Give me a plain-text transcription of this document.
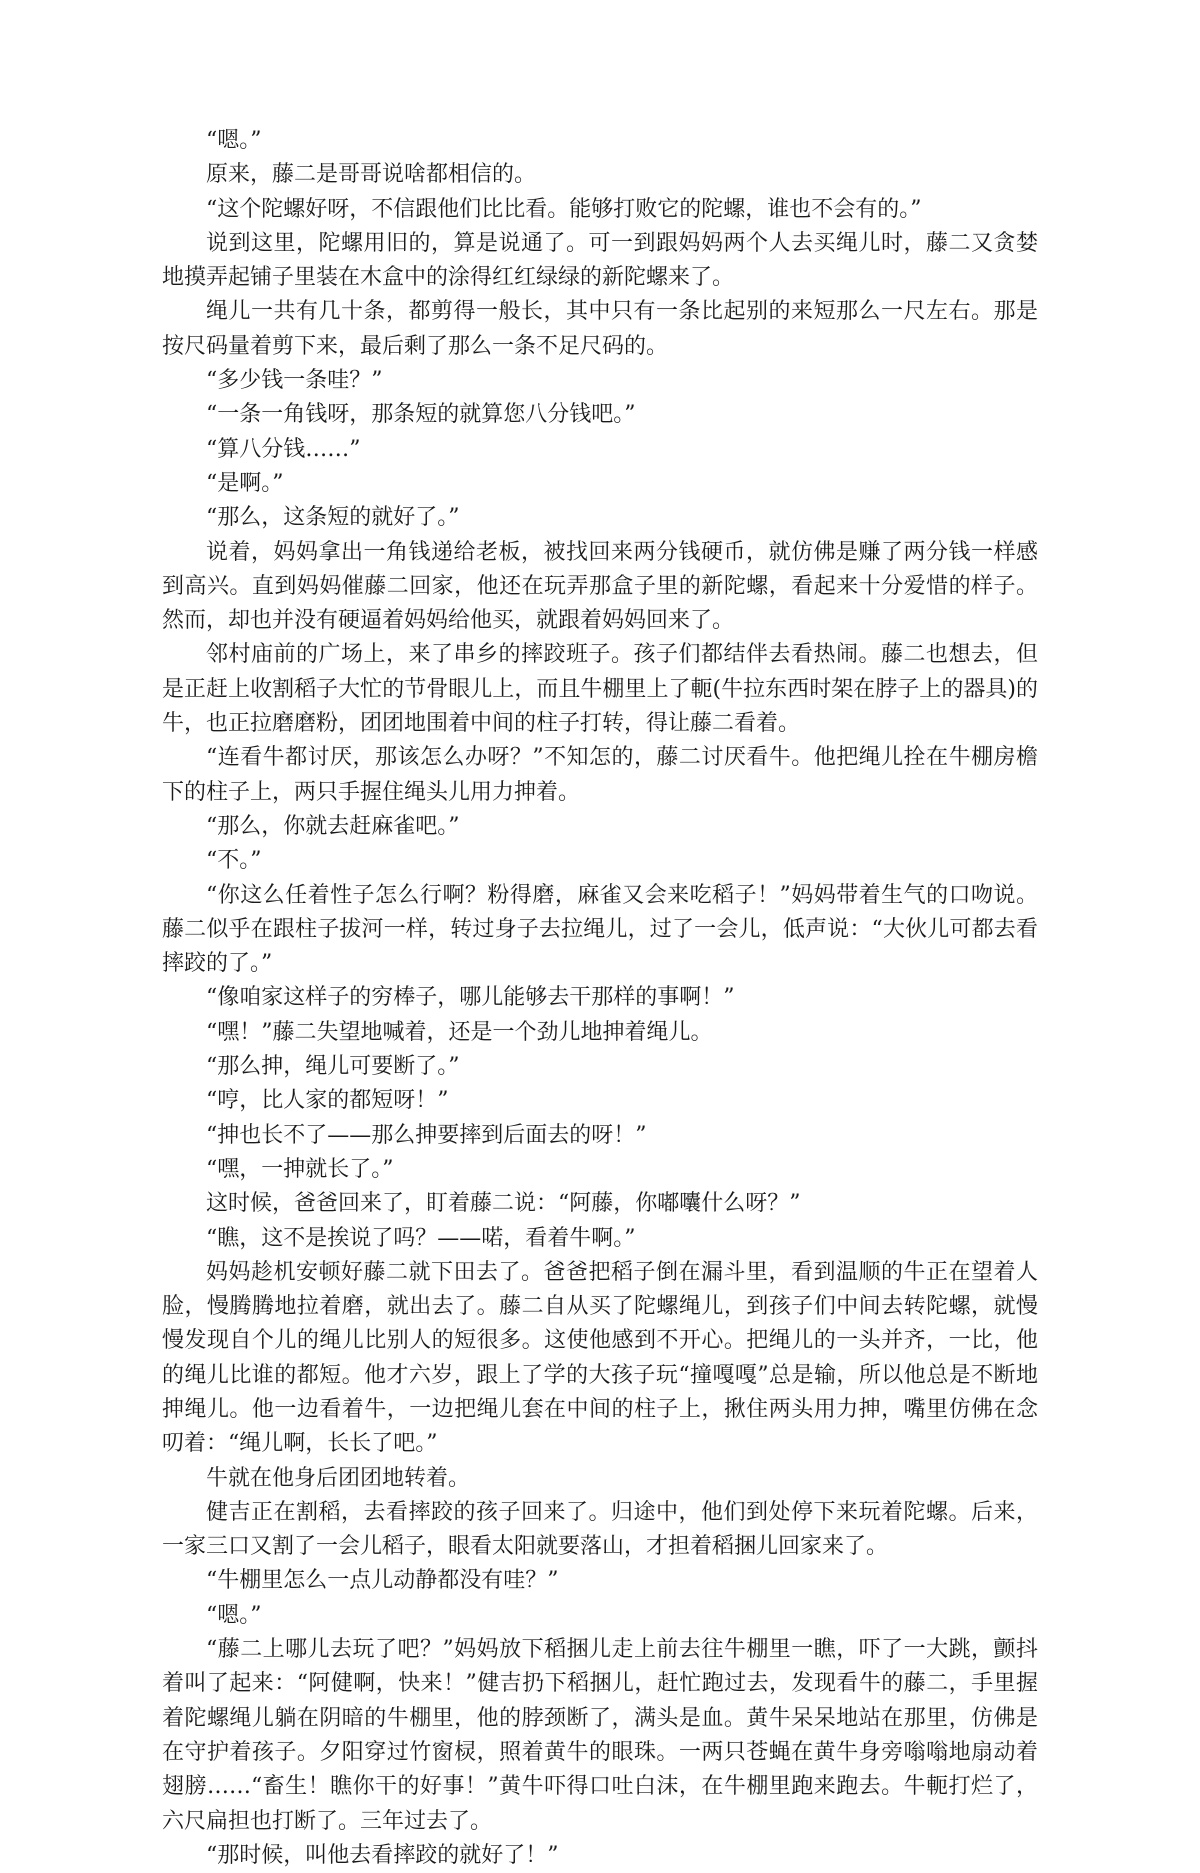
“嗯。”

原来，藤二是哥哥说啥都相信的。

“这个陀螺好呀，不信跟他们比比看。能够打败它的陀螺，谁也不会有的。”

说到这里，陀螺用旧的，算是说通了。可一到跟妈妈两个人去买绳儿时，藤二又贪婪地摸弄起铺子里装在木盒中的涂得红红绿绿的新陀螺来了。

绳儿一共有几十条，都剪得一般长，其中只有一条比起别的来短那么一尺左右。那是按尺码量着剪下来，最后剩了那么一条不足尺码的。

“多少钱一条哇？”

“一条一角钱呀，那条短的就算您八分钱吧。”

“算八分钱……”

“是啊。”

“那么，这条短的就好了。”

说着，妈妈拿出一角钱递给老板，被找回来两分钱硬币，就仿佛是赚了两分钱一样感到高兴。直到妈妈催藤二回家，他还在玩弄那盒子里的新陀螺，看起来十分爱惜的样子。然而，却也并没有硬逼着妈妈给他买，就跟着妈妈回来了。

邻村庙前的广场上，来了串乡的摔跤班子。孩子们都结伴去看热闹。藤二也想去，但是正赶上收割稻子大忙的节骨眼儿上，而且牛棚里上了軛(牛拉东西时架在脖子上的器具)的牛，也正拉磨磨粉，团团地围着中间的柱子打转，得让藤二看着。

“连看牛都讨厌，那该怎么办呀？”不知怎的，藤二讨厌看牛。他把绳儿拴在牛棚房檐下的柱子上，两只手握住绳头儿用力抻着。

“那么，你就去赶麻雀吧。”

“不。”

“你这么任着性子怎么行啊？粉得磨，麻雀又会来吃稻子！”妈妈带着生气的口吻说。藤二似乎在跟柱子拔河一样，转过身子去拉绳儿，过了一会儿，低声说：“大伙儿可都去看摔跤的了。”

“像咱家这样子的穷棒子，哪儿能够去干那样的事啊！”

“嘿！”藤二失望地喊着，还是一个劲儿地抻着绳儿。

“那么抻，绳儿可要断了。”

“哼，比人家的都短呀！”

“抻也长不了——那么抻要摔到后面去的呀！”

“嘿，一抻就长了。”

这时候，爸爸回来了，盯着藤二说：“阿藤，你嘟囔什么呀？”

“瞧，这不是挨说了吗？——喏，看着牛啊。”

妈妈趁机安顿好藤二就下田去了。爸爸把稻子倒在漏斗里，看到温顺的牛正在望着人脸，慢腾腾地拉着磨，就出去了。藤二自从买了陀螺绳儿，到孩子们中间去转陀螺，就慢慢发现自个儿的绳儿比别人的短很多。这使他感到不开心。把绳儿的一头并齐，一比，他的绳儿比谁的都短。他才六岁，跟上了学的大孩子玩“撞嘎嘎”总是输，所以他总是不断地抻绳儿。他一边看着牛，一边把绳儿套在中间的柱子上，揪住两头用力抻，嘴里仿佛在念叨着：“绳儿啊，长长了吧。”

牛就在他身后团团地转着。

健吉正在割稻，去看摔跤的孩子回来了。归途中，他们到处停下来玩着陀螺。后来，一家三口又割了一会儿稻子，眼看太阳就要落山，才担着稻捆儿回家来了。

“牛棚里怎么一点儿动静都没有哇？”

“嗯。”

“藤二上哪儿去玩了吧？”妈妈放下稻捆儿走上前去往牛棚里一瞧，吓了一大跳，颤抖着叫了起来：“阿健啊，快来！”健吉扔下稻捆儿，赶忙跑过去，发现看牛的藤二，手里握着陀螺绳儿躺在阴暗的牛棚里，他的脖颈断了，满头是血。黄牛呆呆地站在那里，仿佛是在守护着孩子。夕阳穿过竹窗棂，照着黄牛的眼珠。一两只苍蝇在黄牛身旁嗡嗡地扇动着翅膀……“畜生！瞧你干的好事！”黄牛吓得口吐白沫，在牛棚里跑来跑去。牛軛打烂了，六尺扁担也打断了。三年过去了。

“那时候，叫他去看摔跤的就好了！”
